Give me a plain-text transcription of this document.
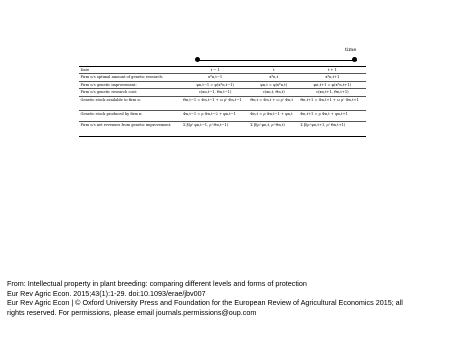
time
Date	t − 1	t	t + 1
Firm n's optimal amount of genetic research:	x*n,t−1	x*n,t	x*n,t+1
Firm n's genetic improvement:	φn,t−1 = φ(x*n,t−1)	φn,t = φ(x*n,t)	φn,t+1 = φ(x*n,t+1)
Firm n's genetic research cost:	c(xn,t−1, Θn,t−1)	c(xn,t, Θn,t)	c(xn,t+1, Θn,t+1)
Genetic stock available to firm n:	Θn,t−1 = Φn,t−1 + ω ρˢ Φn,t−1	Θn,t = Φn,t + ω ρˢ Φn,t	Θn,t+1 = Φn,t+1 + ω ρˢ Φn,t+1
Genetic stock produced by firm n:	Φn,t−1 = ρ Φn,t−2 + φn,t−1	Φn,t = ρ Φn,t−1 + φn,t	Φn,t+1 = ρ Φn,t + φn,t+1
Firm n's net revenues from genetic improvement:	Σ β(ρʲ φn,t−1, ρʲ Θn,t−1)	Σ β(ρʲ φn,t, ρʲ Θn,t)	Σ β(ρʲ φn,t+1, ρʲ Θn,t+1)
From: Intellectual property in plant breeding: comparing different levels and forms of protection
Eur Rev Agric Econ. 2015;43(1):1-29. doi:10.1093/erae/jbv007
Eur Rev Agric Econ | © Oxford University Press and Foundation for the European Review of Agricultural Economics 2015; all
rights reserved. For permissions, please email journals.permissions@oup.com
